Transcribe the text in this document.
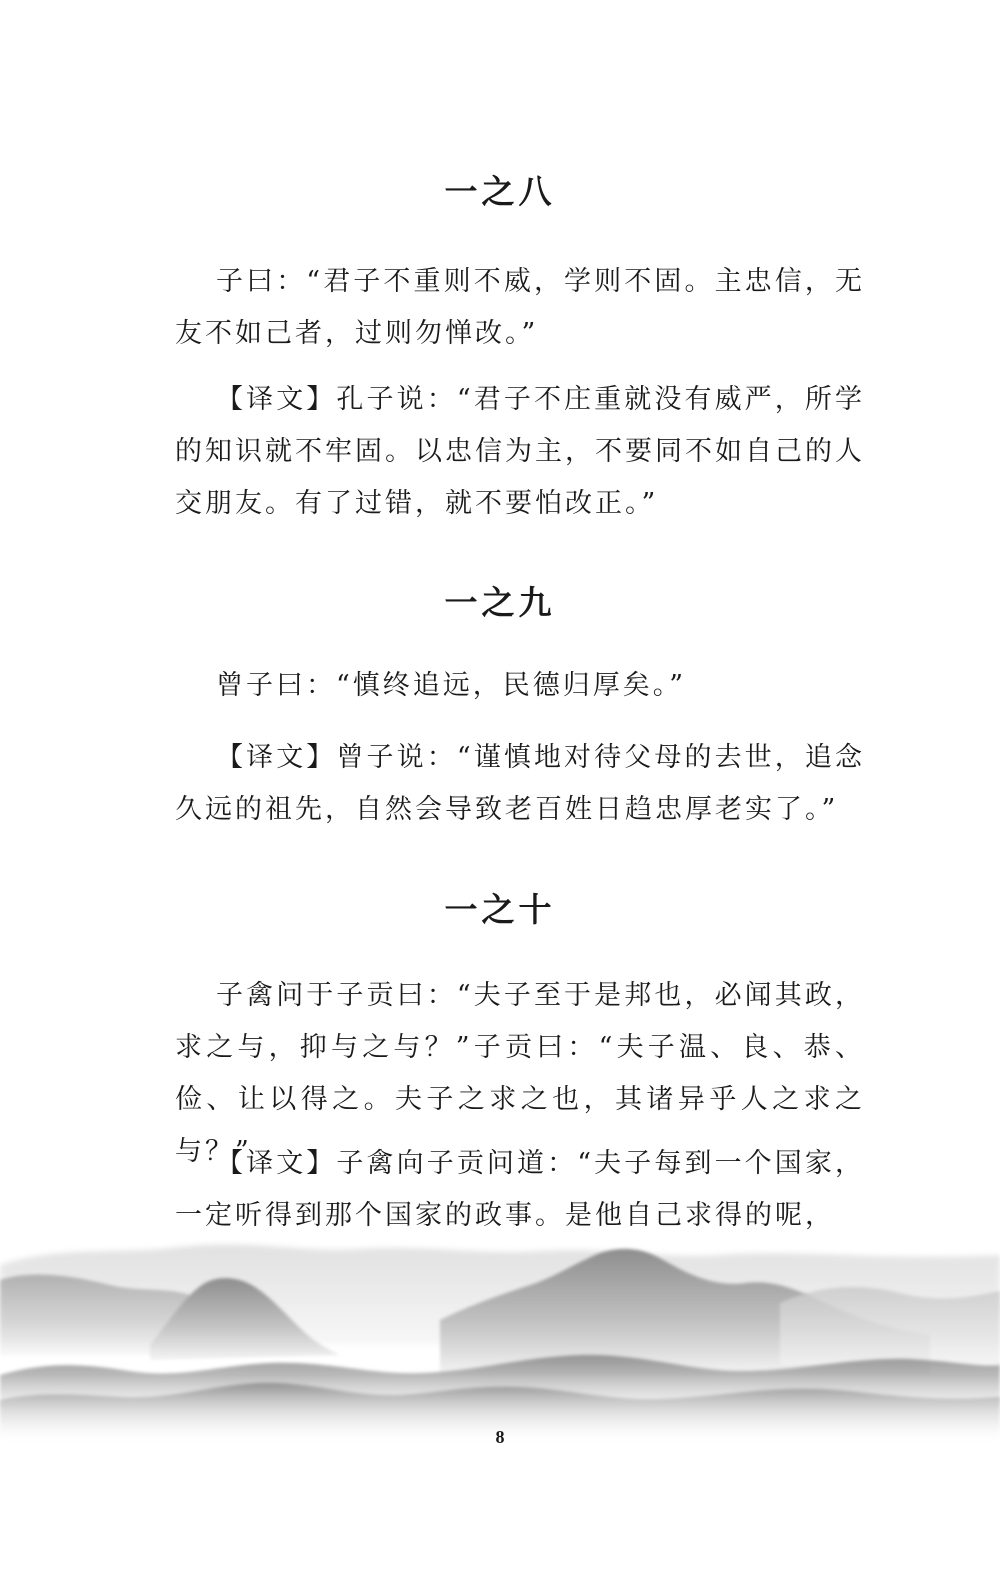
一之八
子曰：“君子不重则不威，学则不固。主忠信，无友不如己者，过则勿惮改。”
【译文】孔子说：“君子不庄重就没有威严，所学的知识就不牢固。以忠信为主，不要同不如自己的人交朋友。有了过错，就不要怕改正。”
一之九
曾子曰：“慎终追远，民德归厚矣。”
【译文】曾子说：“谨慎地对待父母的去世，追念久远的祖先，自然会导致老百姓日趋忠厚老实了。”
一之十
子禽问于子贡曰：“夫子至于是邦也，必闻其政，求之与，抑与之与？”子贡曰：“夫子温、良、恭、俭、让以得之。夫子之求之也，其诸异乎人之求之与？”
【译文】子禽向子贡问道：“夫子每到一个国家，一定听得到那个国家的政事。是他自己求得的呢，
8
